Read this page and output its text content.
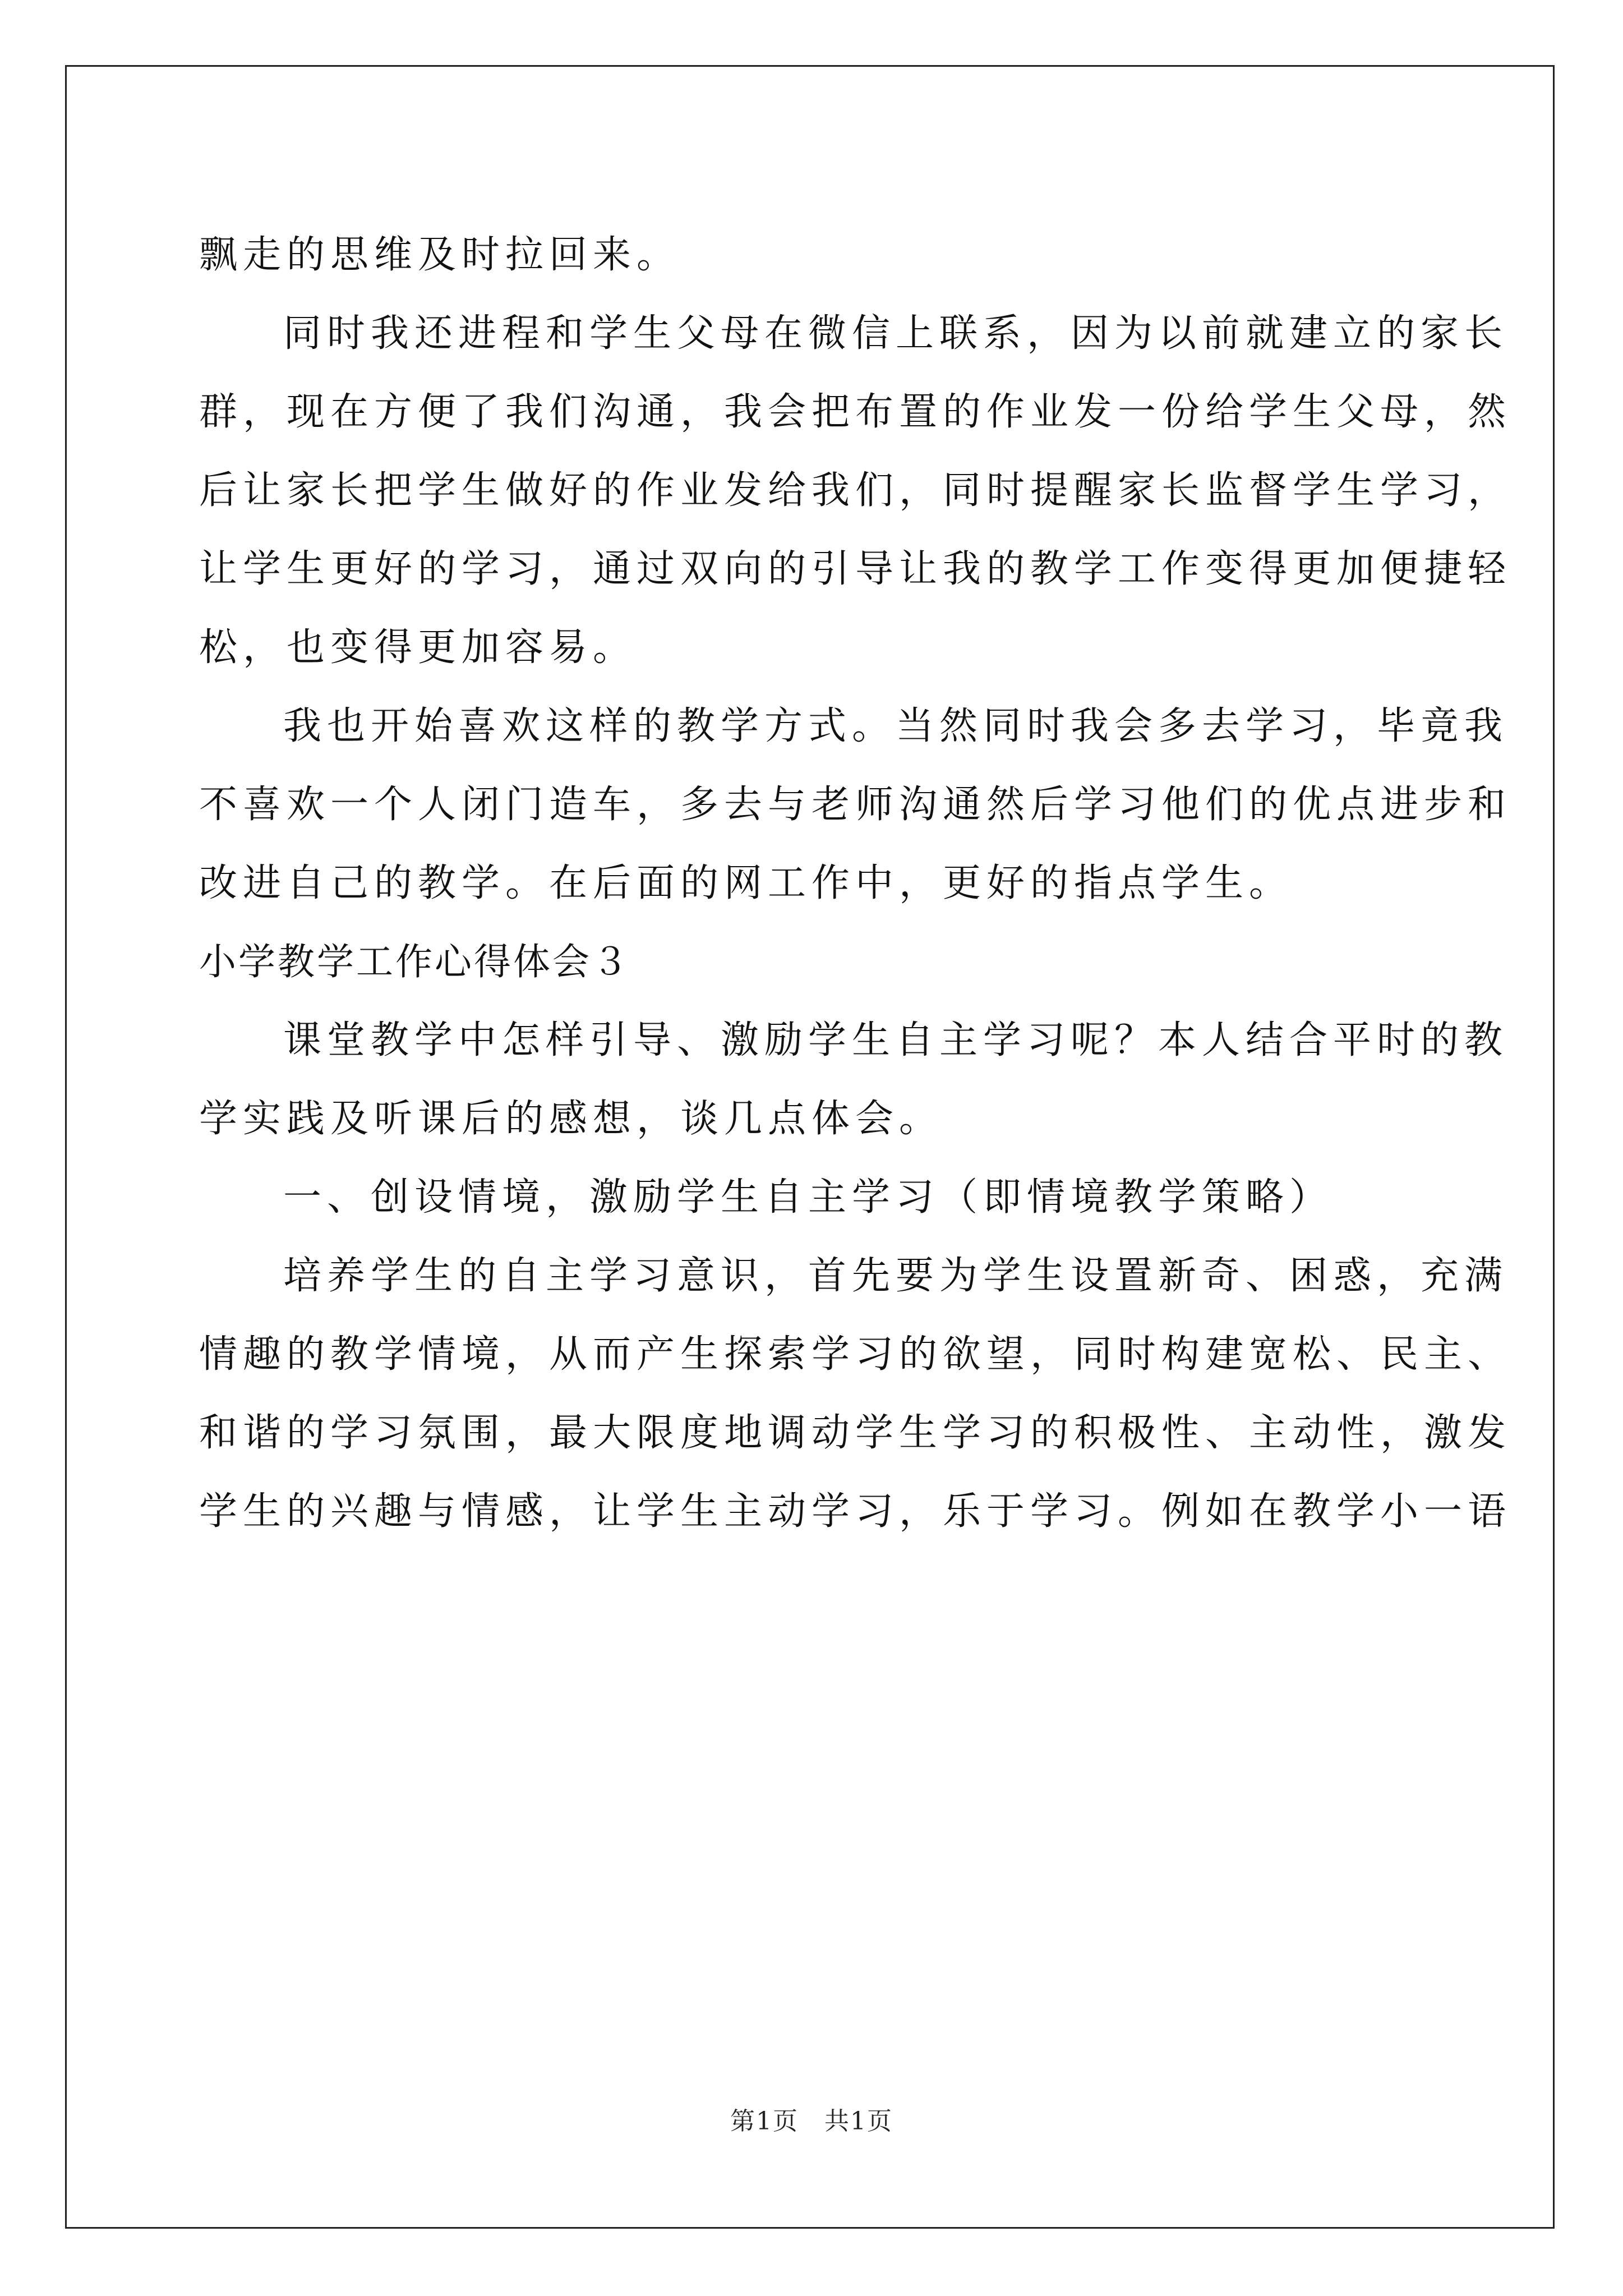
飘走的思维及时拉回来。

同时我还进程和学生父母在微信上联系，因为以前就建立的家长

群，现在方便了我们沟通，我会把布置的作业发一份给学生父母，然

后让家长把学生做好的作业发给我们，同时提醒家长监督学生学习，

让学生更好的学习，通过双向的引导让我的教学工作变得更加便捷轻

松，也变得更加容易。

我也开始喜欢这样的教学方式。当然同时我会多去学习，毕竟我

不喜欢一个人闭门造车，多去与老师沟通然后学习他们的优点进步和

改进自己的教学。在后面的网工作中，更好的指点学生。

小学教学工作心得体会３

课堂教学中怎样引导、激励学生自主学习呢？本人结合平时的教

学实践及听课后的感想，谈几点体会。

一、创设情境，激励学生自主学习（即情境教学策略）

培养学生的自主学习意识，首先要为学生设置新奇、困惑，充满

情趣的教学情境，从而产生探索学习的欲望，同时构建宽松、民主、

和谐的学习氛围，最大限度地调动学生学习的积极性、主动性，激发

学生的兴趣与情感，让学生主动学习，乐于学习。例如在教学小一语

第1页　共1页
